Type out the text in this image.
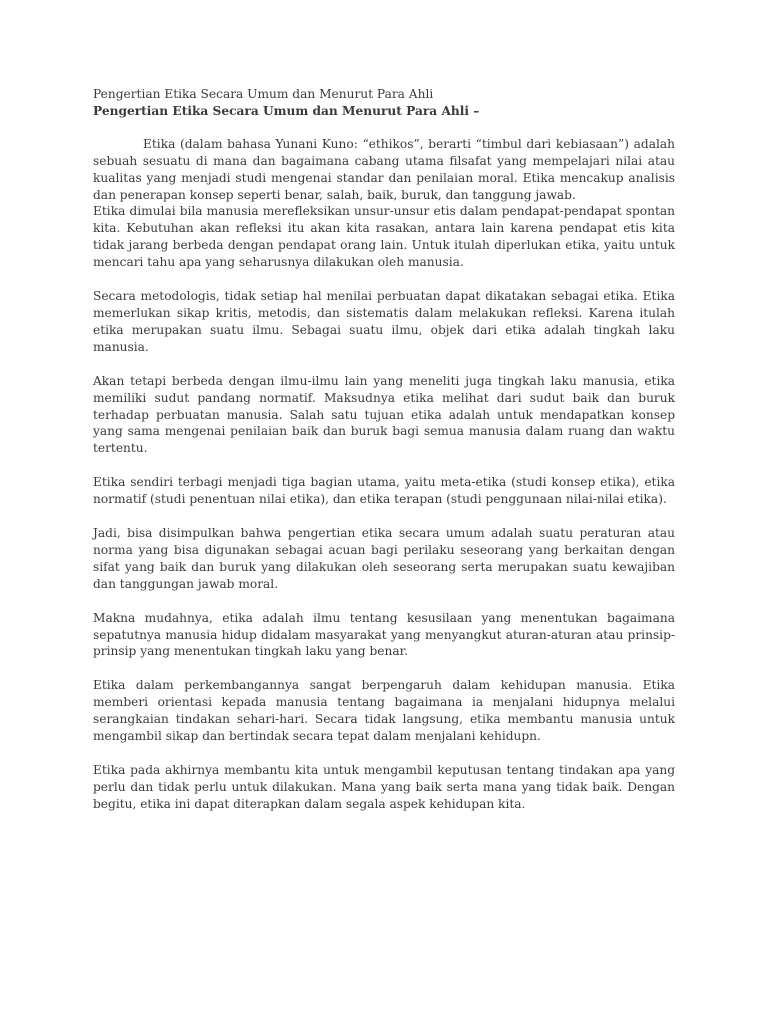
Pengertian Etika Secara Umum dan Menurut Para Ahli

Pengertian Etika Secara Umum dan Menurut Para Ahli –

Etika (dalam bahasa Yunani Kuno: “ethikos”, berarti “timbul dari kebiasaan”) adalah sebuah sesuatu di mana dan bagaimana cabang utama filsafat yang mempelajari nilai atau kualitas yang menjadi studi mengenai standar dan penilaian moral. Etika mencakup analisis dan penerapan konsep seperti benar, salah, baik, buruk, dan tanggung jawab.

Etika dimulai bila manusia merefleksikan unsur-unsur etis dalam pendapat-pendapat spontan kita. Kebutuhan akan refleksi itu akan kita rasakan, antara lain karena pendapat etis kita tidak jarang berbeda dengan pendapat orang lain. Untuk itulah diperlukan etika, yaitu untuk mencari tahu apa yang seharusnya dilakukan oleh manusia.

Secara metodologis, tidak setiap hal menilai perbuatan dapat dikatakan sebagai etika. Etika memerlukan sikap kritis, metodis, dan sistematis dalam melakukan refleksi. Karena itulah etika merupakan suatu ilmu. Sebagai suatu ilmu, objek dari etika adalah tingkah laku manusia.

Akan tetapi berbeda dengan ilmu-ilmu lain yang meneliti juga tingkah laku manusia, etika memiliki sudut pandang normatif. Maksudnya etika melihat dari sudut baik dan buruk terhadap perbuatan manusia. Salah satu tujuan etika adalah untuk mendapatkan konsep yang sama mengenai penilaian baik dan buruk bagi semua manusia dalam ruang dan waktu tertentu.

Etika sendiri terbagi menjadi tiga bagian utama, yaitu meta-etika (studi konsep etika), etika normatif (studi penentuan nilai etika), dan etika terapan (studi penggunaan nilai-nilai etika).

Jadi, bisa disimpulkan bahwa pengertian etika secara umum adalah suatu peraturan atau norma yang bisa digunakan sebagai acuan bagi perilaku seseorang yang berkaitan dengan sifat yang baik dan buruk yang dilakukan oleh seseorang serta merupakan suatu kewajiban dan tanggungan jawab moral.

Makna mudahnya, etika adalah ilmu tentang kesusilaan yang menentukan bagaimana sepatutnya manusia hidup didalam masyarakat yang menyangkut aturan-aturan atau prinsip-prinsip yang menentukan tingkah laku yang benar.

Etika dalam perkembangannya sangat berpengaruh dalam kehidupan manusia. Etika memberi orientasi kepada manusia tentang bagaimana ia menjalani hidupnya melalui serangkaian tindakan sehari-hari. Secara tidak langsung, etika membantu manusia untuk mengambil sikap dan bertindak secara tepat dalam menjalani kehidupn.

Etika pada akhirnya membantu kita untuk mengambil keputusan tentang tindakan apa yang perlu dan tidak perlu untuk dilakukan. Mana yang baik serta mana yang tidak baik. Dengan begitu, etika ini dapat diterapkan dalam segala aspek kehidupan kita.
